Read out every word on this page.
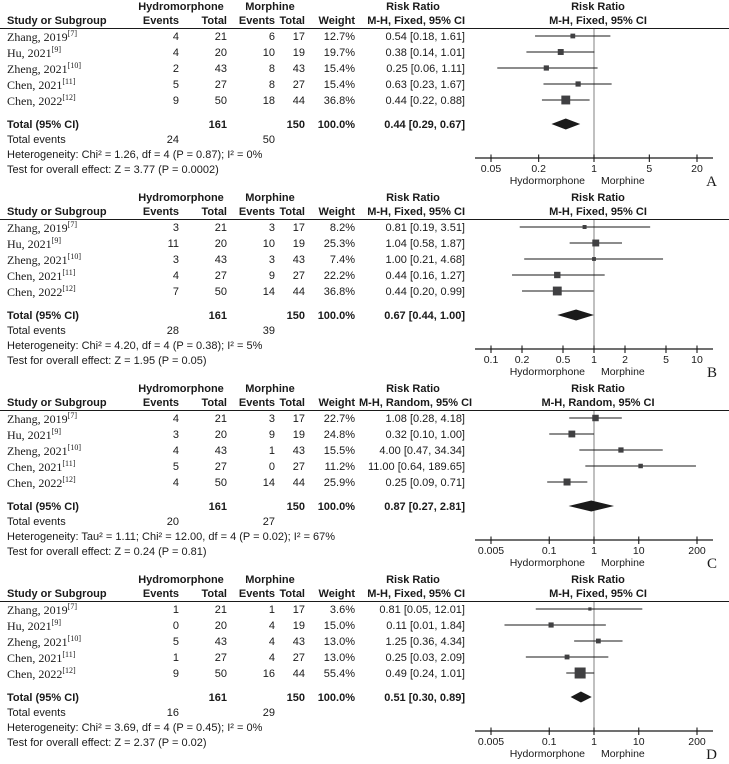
Hydromorphone	Morphine	Risk Ratio	Risk Ratio
Study or Subgroup	Events	Total	Events Total	Weight	M-H, Fixed, 95% CI	M-H, Fixed, 95% CI
Zhang, 2019[7]	4	21	6	17	12.7%	0.54 [0.18, 1.61]
Hu, 2021[9]	4	20	10	19	19.7%	0.38 [0.14, 1.01]
Zheng, 2021[10]	2	43	8	43	15.4%	0.25 [0.06, 1.11]
Chen, 2021[11]	5	27	8	27	15.4%	0.63 [0.23, 1.67]
Chen, 2022[12]	9	50	18	44	36.8%	0.44 [0.22, 0.88]
Total (95% CI)	161	150	100.0%	0.44 [0.29, 0.67]
Total events	24	50
Heterogeneity: Chi² = 1.26, df = 4 (P = 0.87); I² = 0%
Test for overall effect: Z = 3.77 (P = 0.0002)	0.05	0.2	1	5	20
Hydormorphone Morphine	A
Hydromorphone	Morphine	Risk Ratio	Risk Ratio
Study or Subgroup	Events	Total	Events Total	Weight	M-H, Fixed, 95% CI	M-H, Fixed, 95% CI
Zhang, 2019[7]	3	21	3	17	8.2%	0.81 [0.19, 3.51]
Hu, 2021[9]	11	20	10	19	25.3%	1.04 [0.58, 1.87]
Zheng, 2021[10]	3	43	3	43	7.4%	1.00 [0.21, 4.68]
Chen, 2021[11]	4	27	9	27	22.2%	0.44 [0.16, 1.27]
Chen, 2022[12]	7	50	14	44	36.8%	0.44 [0.20, 0.99]
Total (95% CI)	161	150	100.0%	0.67 [0.44, 1.00]
Total events	28	39
Heterogeneity: Chi² = 4.20, df = 4 (P = 0.38); I² = 5%
Test for overall effect: Z = 1.95 (P = 0.05)	0.1 0.2	0.5 1 2	5 10
Hydormorphone Morphine	B
Hydromorphone	Morphine	Risk Ratio	Risk Ratio
Study or Subgroup	Events	Total	Events Total	Weight M-H, Random, 95% CI	M-H, Random, 95% CI
Zhang, 2019[7]	4	21	3	17	22.7%	1.08 [0.28, 4.18]
Hu, 2021[9]	3	20	9	19	24.8%	0.32 [0.10, 1.00]
Zheng, 2021[10]	4	43	1	43	15.5%	4.00 [0.47, 34.34]
Chen, 2021[11]	5	27	0	27	11.2%	11.00 [0.64, 189.65]
Chen, 2022[12]	4	50	14	44	25.9%	0.25 [0.09, 0.71]
Total (95% CI)	161	150	100.0%	0.87 [0.27, 2.81]
Total events	20	27
Heterogeneity: Tau² = 1.11; Chi² = 12.00, df = 4 (P = 0.02); I² = 67%
Test for overall effect: Z = 0.24 (P = 0.81)	0.005	0.1	1	10	200
Hydormorphone Morphine	C
Hydromorphone	Morphine	Risk Ratio	Risk Ratio
Study or Subgroup	Events	Total	Events Total	Weight	M-H, Fixed, 95% CI	M-H, Fixed, 95% CI
Zhang, 2019[7]	1	21	1	17	3.6%	0.81 [0.05, 12.01]
Hu, 2021[9]	0	20	4	19	15.0%	0.11 [0.01, 1.84]
Zheng, 2021[10]	5	43	4	43	13.0%	1.25 [0.36, 4.34]
Chen, 2021[11]	1	27	4	27	13.0%	0.25 [0.03, 2.09]
Chen, 2022[12]	9	50	16	44	55.4%	0.49 [0.24, 1.01]
Total (95% CI)	161	150	100.0%	0.51 [0.30, 0.89]
Total events	16	29
Heterogeneity: Chi² = 3.69, df = 4 (P = 0.45); I² = 0%
Test for overall effect: Z = 2.37 (P = 0.02)	0.005	0.1	1	10	200
Hydormorphone Morphine	D
